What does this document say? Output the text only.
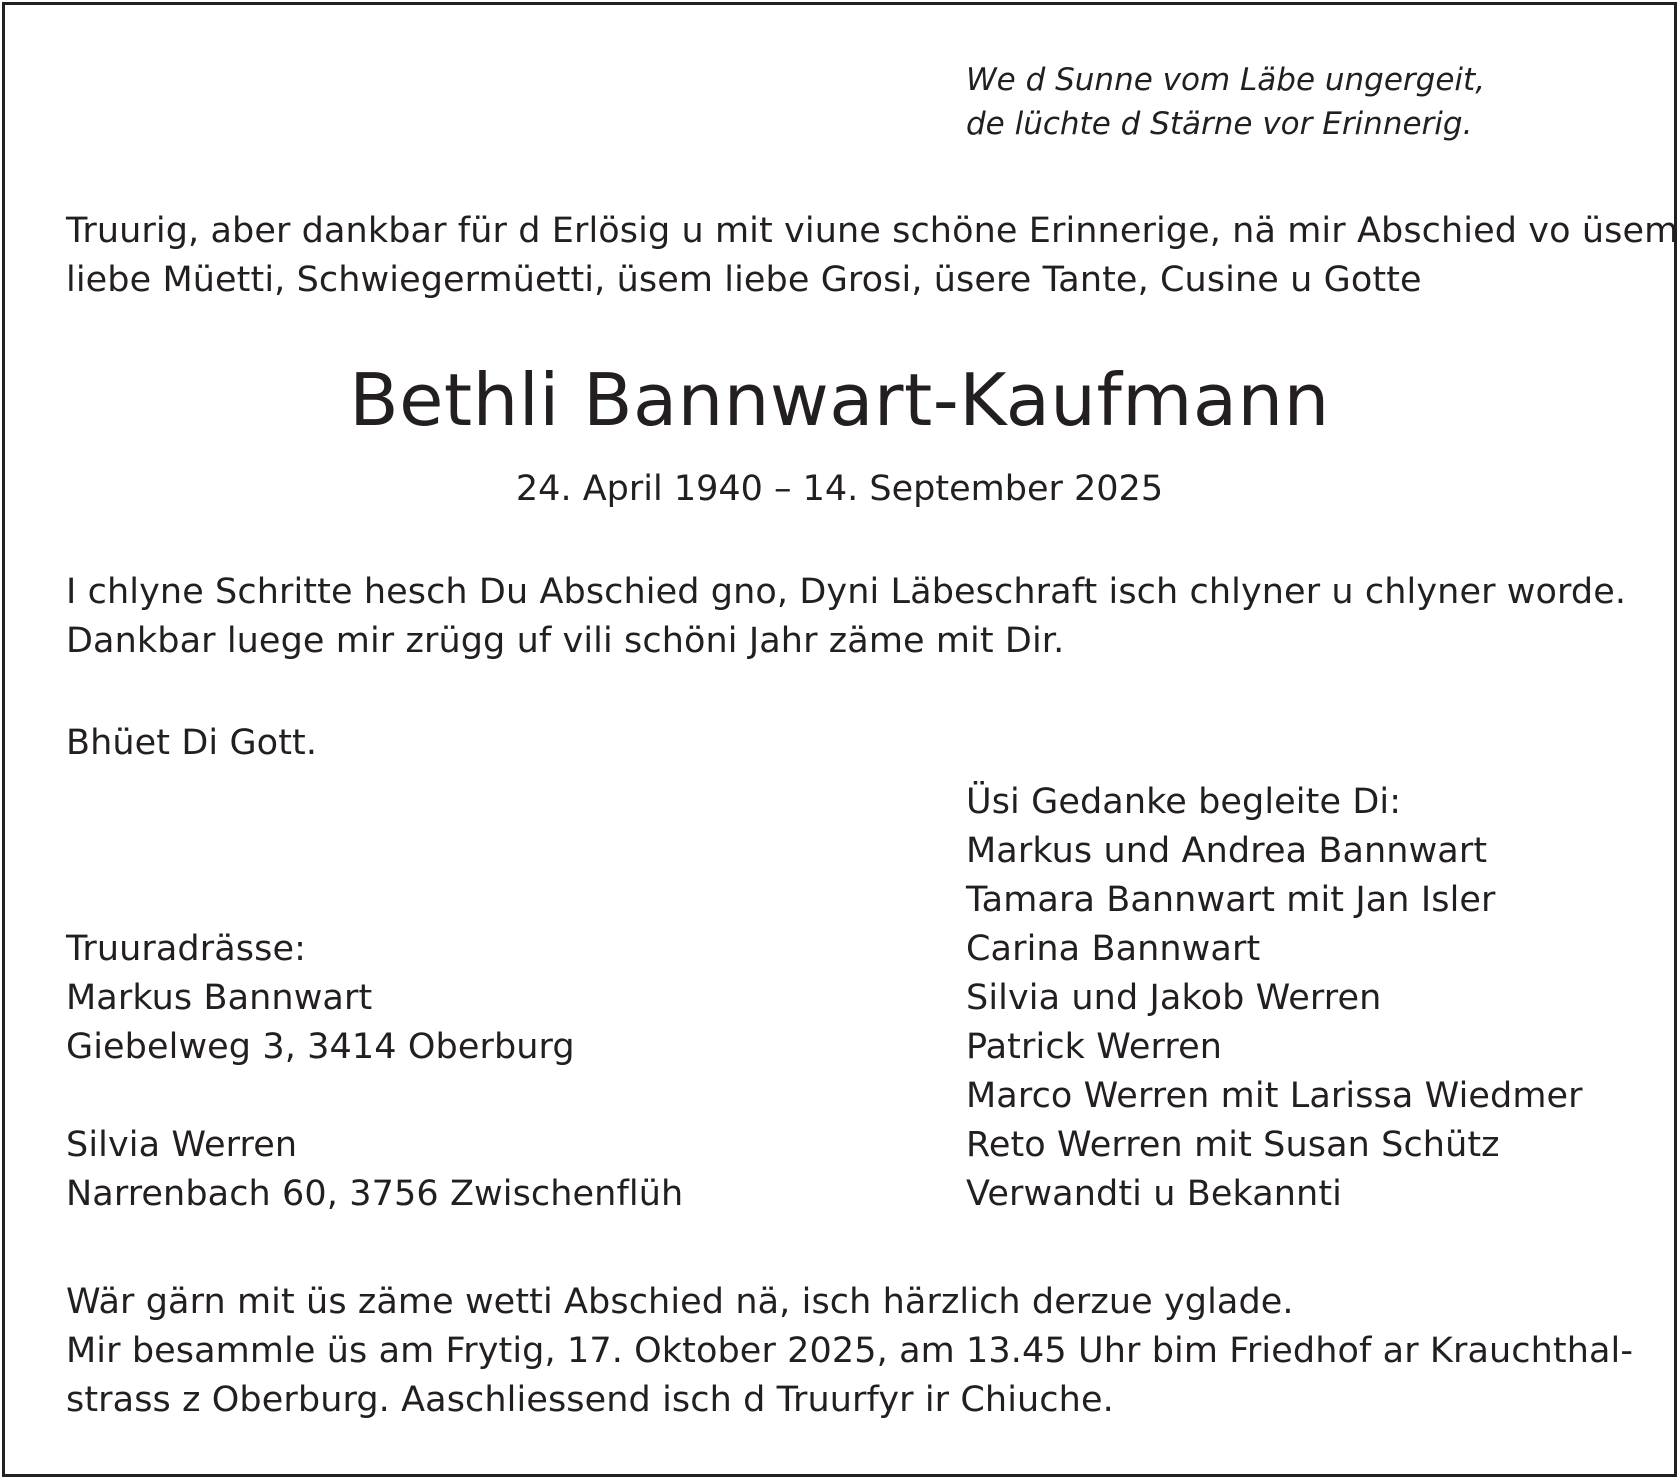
We d Sunne vom Läbe ungergeit,
de lüchte d Stärne vor Erinnerig.
Truurig, aber dankbar für d Erlösig u mit viune schöne Erinnerige, nä mir Abschied vo üsem
liebe Müetti, Schwiegermüetti, üsem liebe Grosi, üsere Tante, Cusine u Gotte
Bethli Bannwart-Kaufmann
24. April 1940 – 14. September 2025
I chlyne Schritte hesch Du Abschied gno, Dyni Läbeschraft isch chlyner u chlyner worde.
Dankbar luege mir zrügg uf vili schöni Jahr zäme mit Dir.
Bhüet Di Gott.
Üsi Gedanke begleite Di:
Markus und Andrea Bannwart
Tamara Bannwart mit Jan Isler
Carina Bannwart
Silvia und Jakob Werren
Patrick Werren
Marco Werren mit Larissa Wiedmer
Reto Werren mit Susan Schütz
Verwandti u Bekannti
Truuradrässe:
Markus Bannwart
Giebelweg 3, 3414 Oberburg
Silvia Werren
Narrenbach 60, 3756 Zwischenflüh
Wär gärn mit üs zäme wetti Abschied nä, isch härzlich derzue yglade.
Mir besammle üs am Frytig, 17. Oktober 2025, am 13.45 Uhr bim Friedhof ar Krauchthal-
strass z Oberburg. Aaschliessend isch d Truurfyr ir Chiuche.
